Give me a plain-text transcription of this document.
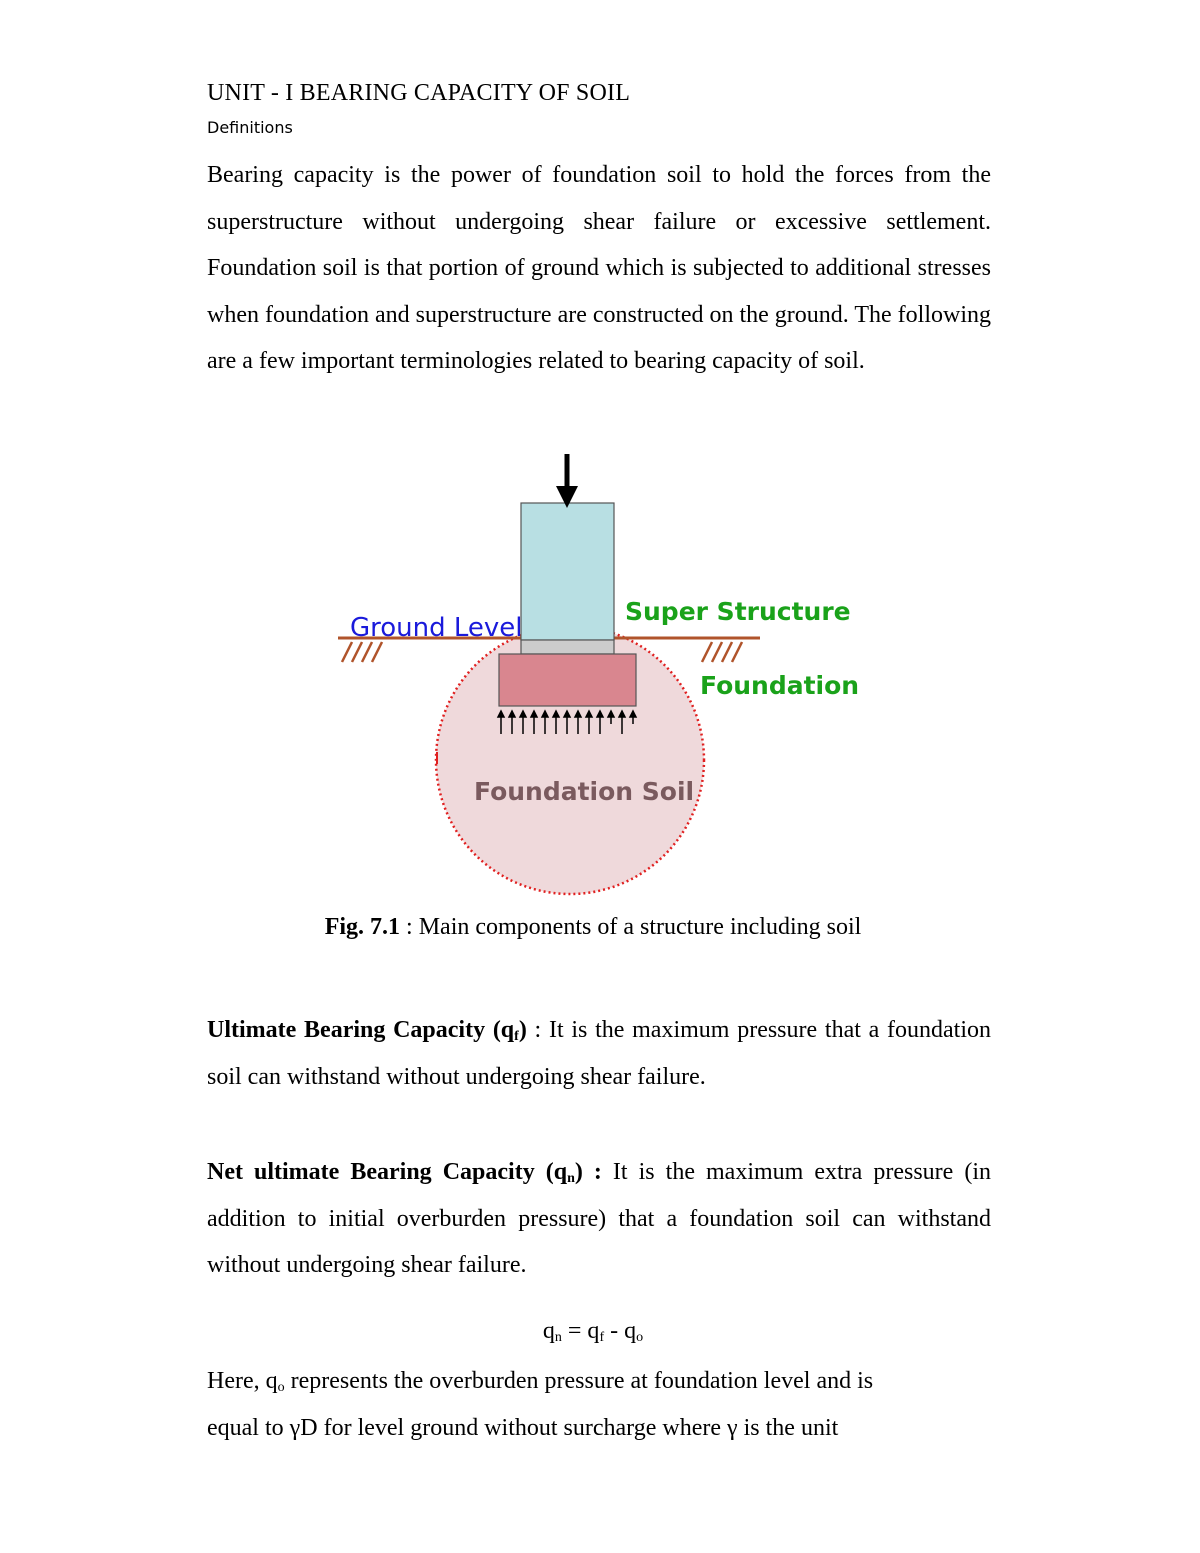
UNIT - I BEARING CAPACITY OF SOIL
Definitions
Bearing capacity is the power of foundation soil to hold the forces from the superstructure without undergoing shear failure or excessive settlement. Foundation soil is that portion of ground which is subjected to additional stresses when foundation and superstructure are constructed on the ground. The following are a few important terminologies related to bearing capacity of soil.
Ground Level
Super Structure
Foundation
Foundation Soil
Fig. 7.1 : Main components of a structure including soil
Ultimate Bearing Capacity $(q_f)$ : It is the maximum pressure that a foundation soil can withstand without undergoing shear failure.
Net ultimate Bearing Capacity $(q_n)$ : It is the maximum extra pressure (in addition to initial overburden pressure) that a foundation soil can withstand without undergoing shear failure.
$q_n = q_f - q_o$
Here, $q_o$ represents the overburden pressure at foundation level and is
equal to γD for level ground without surcharge where γ is the unit
